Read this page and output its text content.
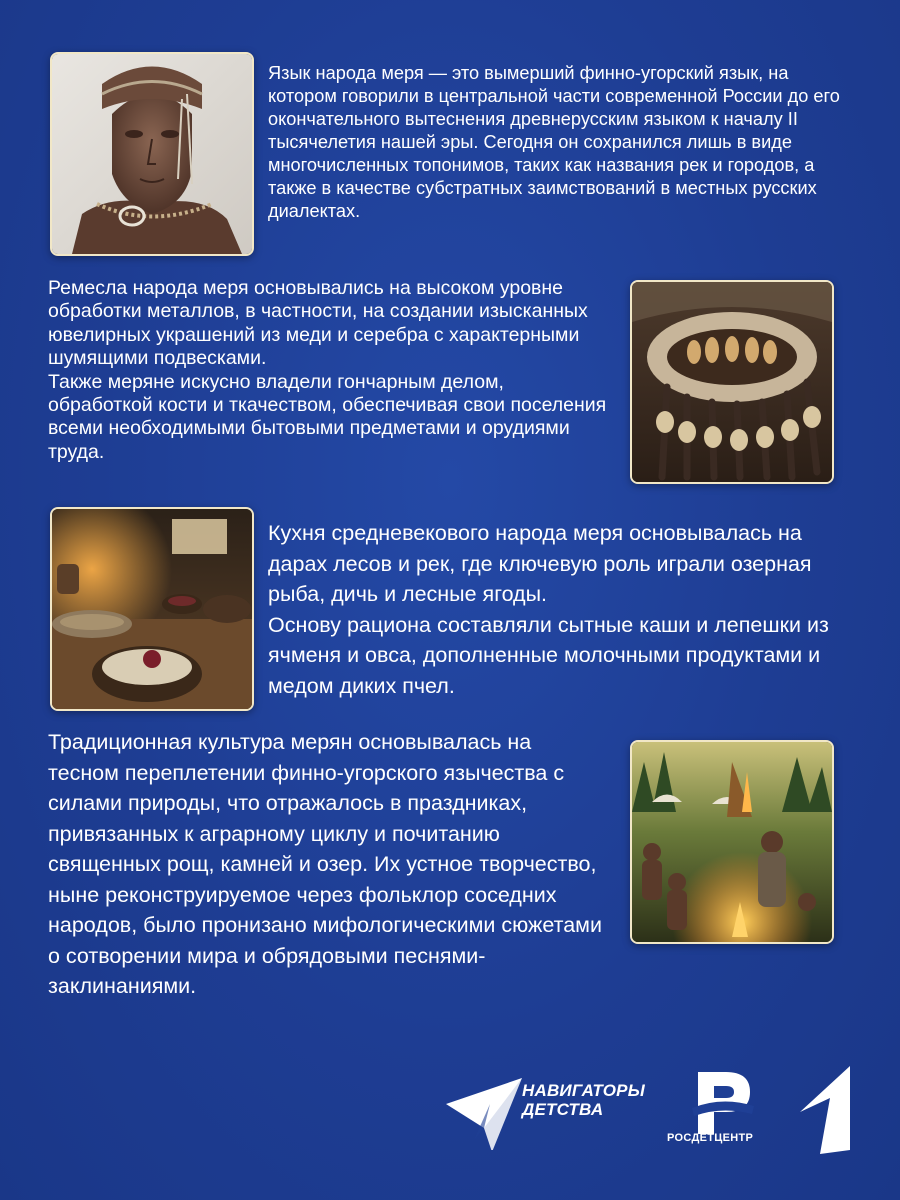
Язык народа меря — это вымерший финно-угорский язык, на котором говорили в центральной части современной России до его окончательного вытеснения древнерусским языком к началу II тысячелетия нашей эры. Сегодня он сохранился лишь в виде многочисленных топонимов, таких как названия рек и городов, а также в качестве субстратных заимствований в местных русских диалектах.

Ремесла народа меря основывались на высоком уровне обработки металлов, в частности, на создании изысканных ювелирных украшений из меди и серебра с характерными шумящими подвесками.

Также меряне искусно владели гончарным делом, обработкой кости и ткачеством, обеспечивая свои поселения всеми необходимыми бытовыми предметами и орудиями труда.

Кухня средневекового народа меря основывалась на дарах лесов и рек, где ключевую роль играли озерная рыба, дичь и лесные ягоды.

Основу рациона составляли сытные каши и лепешки из ячменя и овса, дополненные молочными продуктами и медом диких пчел.

Традиционная культура мерян основывалась на тесном переплетении финно-угорского язычества с силами природы, что отражалось в праздниках, привязанных к аграрному циклу и почитанию священных рощ, камней и озер. Их устное творчество, ныне реконструируемое через фольклор соседних народов, было пронизано мифологическими сюжетами о сотворении мира и обрядовыми песнями-заклинаниями.

НАВИГАТОРЫ
ДЕТСТВА
РОСДЕТЦЕНТР
